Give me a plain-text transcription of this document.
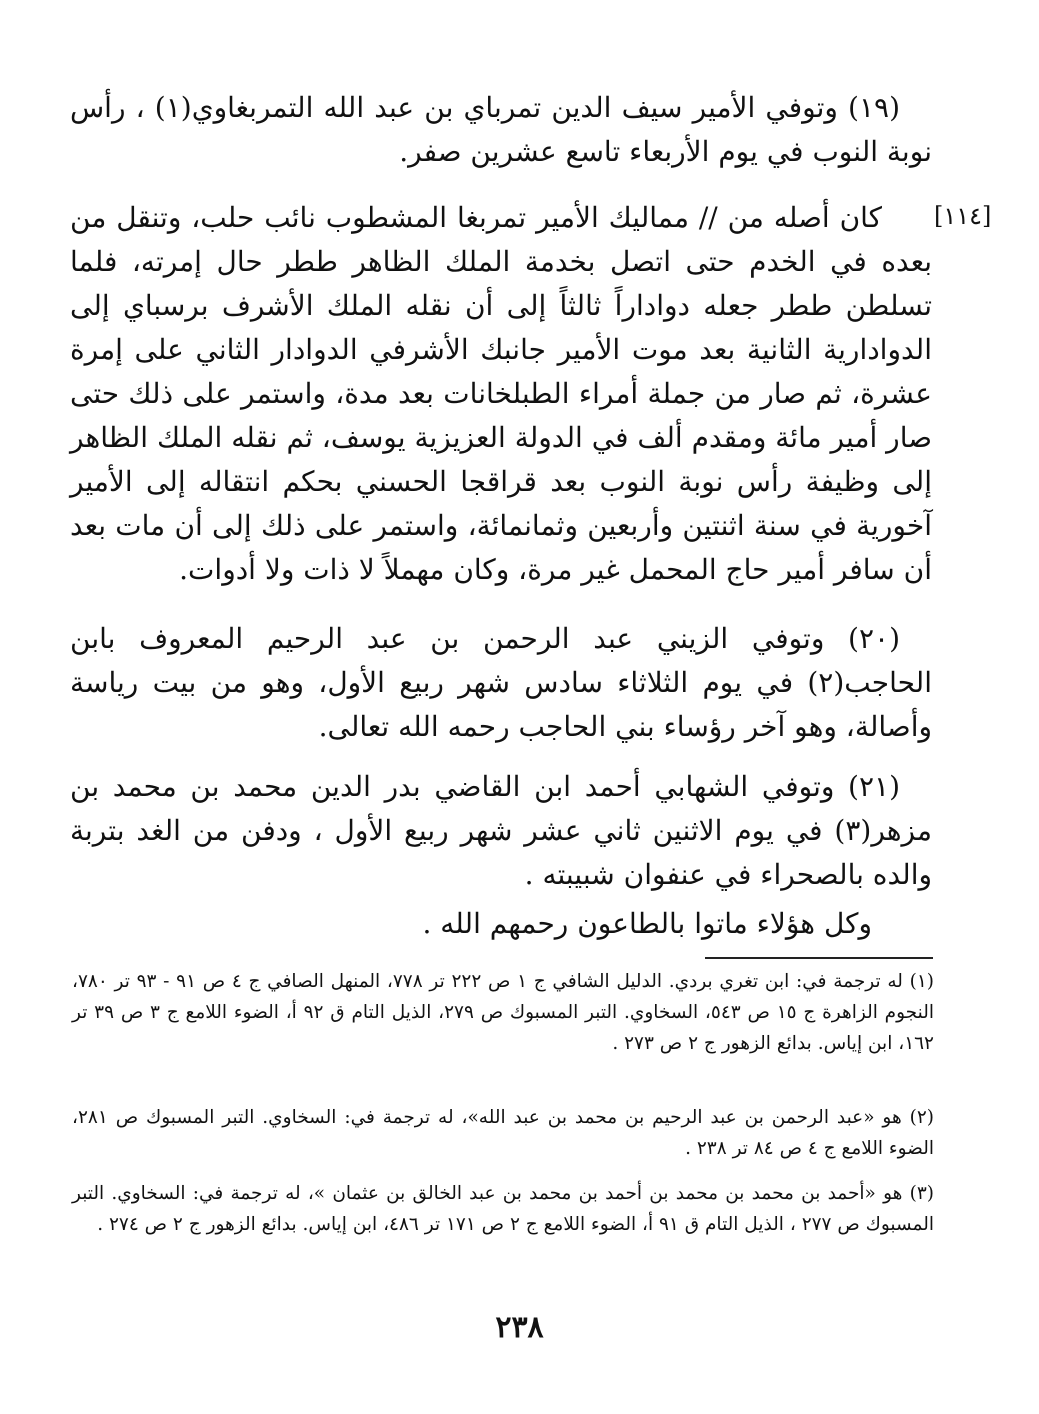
(١٩) وتوفي الأمير سيف الدين تمرباي بن عبد الله التمربغاوي(١) ، رأس نوبة النوب في يوم الأربعاء تاسع عشرين صفر.

[١١٤]

كان أصله من // مماليك الأمير تمربغا المشطوب نائب حلب، وتنقل من بعده في الخدم حتى اتصل بخدمة الملك الظاهر ططر حال إمرته، فلما تسلطن ططر جعله دواداراً ثالثاً إلى أن نقله الملك الأشرف برسباي إلى الدوادارية الثانية بعد موت الأمير جانبك الأشرفي الدوادار الثاني على إمرة عشرة، ثم صار من جملة أمراء الطبلخانات بعد مدة، واستمر على ذلك حتى صار أمير مائة ومقدم ألف في الدولة العزيزية يوسف، ثم نقله الملك الظاهر إلى وظيفة رأس نوبة النوب بعد قراقجا الحسني بحكم انتقاله إلى الأمير آخورية في سنة اثنتين وأربعين وثمانمائة، واستمر على ذلك إلى أن مات بعد أن سافر أمير حاج المحمل غير مرة، وكان مهملاً لا ذات ولا أدوات.

(٢٠) وتوفي الزيني عبد الرحمن بن عبد الرحيم المعروف بابن الحاجب(٢) في يوم الثلاثاء سادس شهر ربيع الأول، وهو من بيت رياسة وأصالة، وهو آخر رؤساء بني الحاجب رحمه الله تعالى.

(٢١) وتوفي الشهابي أحمد ابن القاضي بدر الدين محمد بن محمد بن مزهر(٣) في يوم الاثنين ثاني عشر شهر ربيع الأول ، ودفن من الغد بتربة والده بالصحراء في عنفوان شبيبته .

وكل هؤلاء ماتوا بالطاعون رحمهم الله .

(١) له ترجمة في: ابن تغري بردي. الدليل الشافي ج ١ ص ٢٢٢ تر ٧٧٨، المنهل الصافي ج ٤ ص ٩١ - ٩٣ تر ٧٨٠، النجوم الزاهرة ج ١٥ ص ٥٤٣، السخاوي. التبر المسبوك ص ٢٧٩، الذيل التام ق ٩٢ أ، الضوء اللامع ج ٣ ص ٣٩ تر ١٦٢، ابن إياس. بدائع الزهور ج ٢ ص ٢٧٣ .

(٢) هو «عبد الرحمن بن عبد الرحيم بن محمد بن عبد الله»، له ترجمة في: السخاوي. التبر المسبوك ص ٢٨١، الضوء اللامع ج ٤ ص ٨٤ تر ٢٣٨ .

(٣) هو «أحمد بن محمد بن محمد بن أحمد بن محمد بن عبد الخالق بن عثمان »، له ترجمة في: السخاوي. التبر المسبوك ص ٢٧٧ ، الذيل التام ق ٩١ أ، الضوء اللامع ج ٢ ص ١٧١ تر ٤٨٦، ابن إياس. بدائع الزهور ج ٢ ص ٢٧٤ .

٢٣٨
